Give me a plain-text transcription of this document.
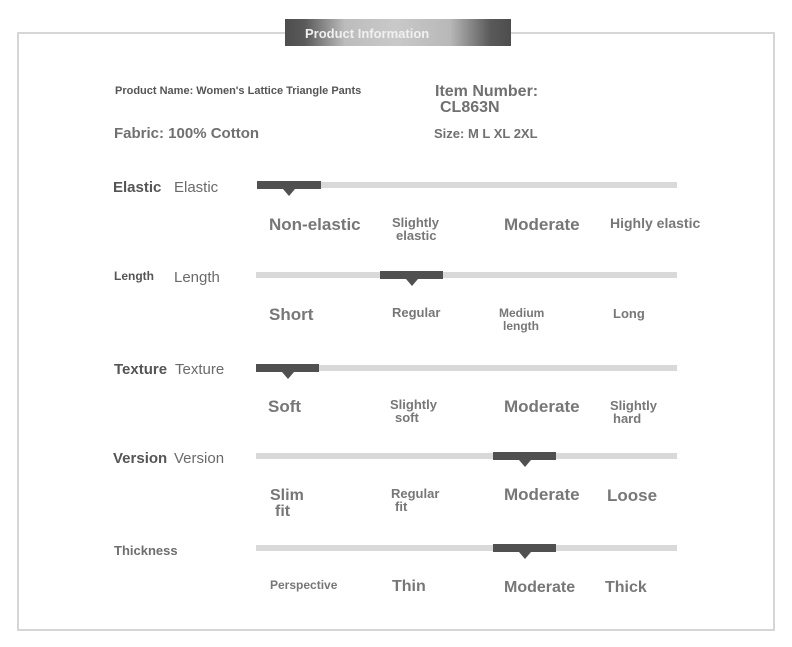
Product Information
Product Name: Women's Lattice Triangle Pants	Item Number:
CL863N
Fabric: 100% Cotton	Size: M L XL 2XL
Elastic Elastic
Non-elastic Slightly
elastic
Moderate Highly elastic
Length Length
Short	Regular	Medium
length
Long
Texture Texture
Soft	Slightly
soft
Moderate Slightly
hard
Version Version
Slim
fit
Regular
fit
Moderate Loose
Thickness
Perspective	Thin	Moderate Thick
